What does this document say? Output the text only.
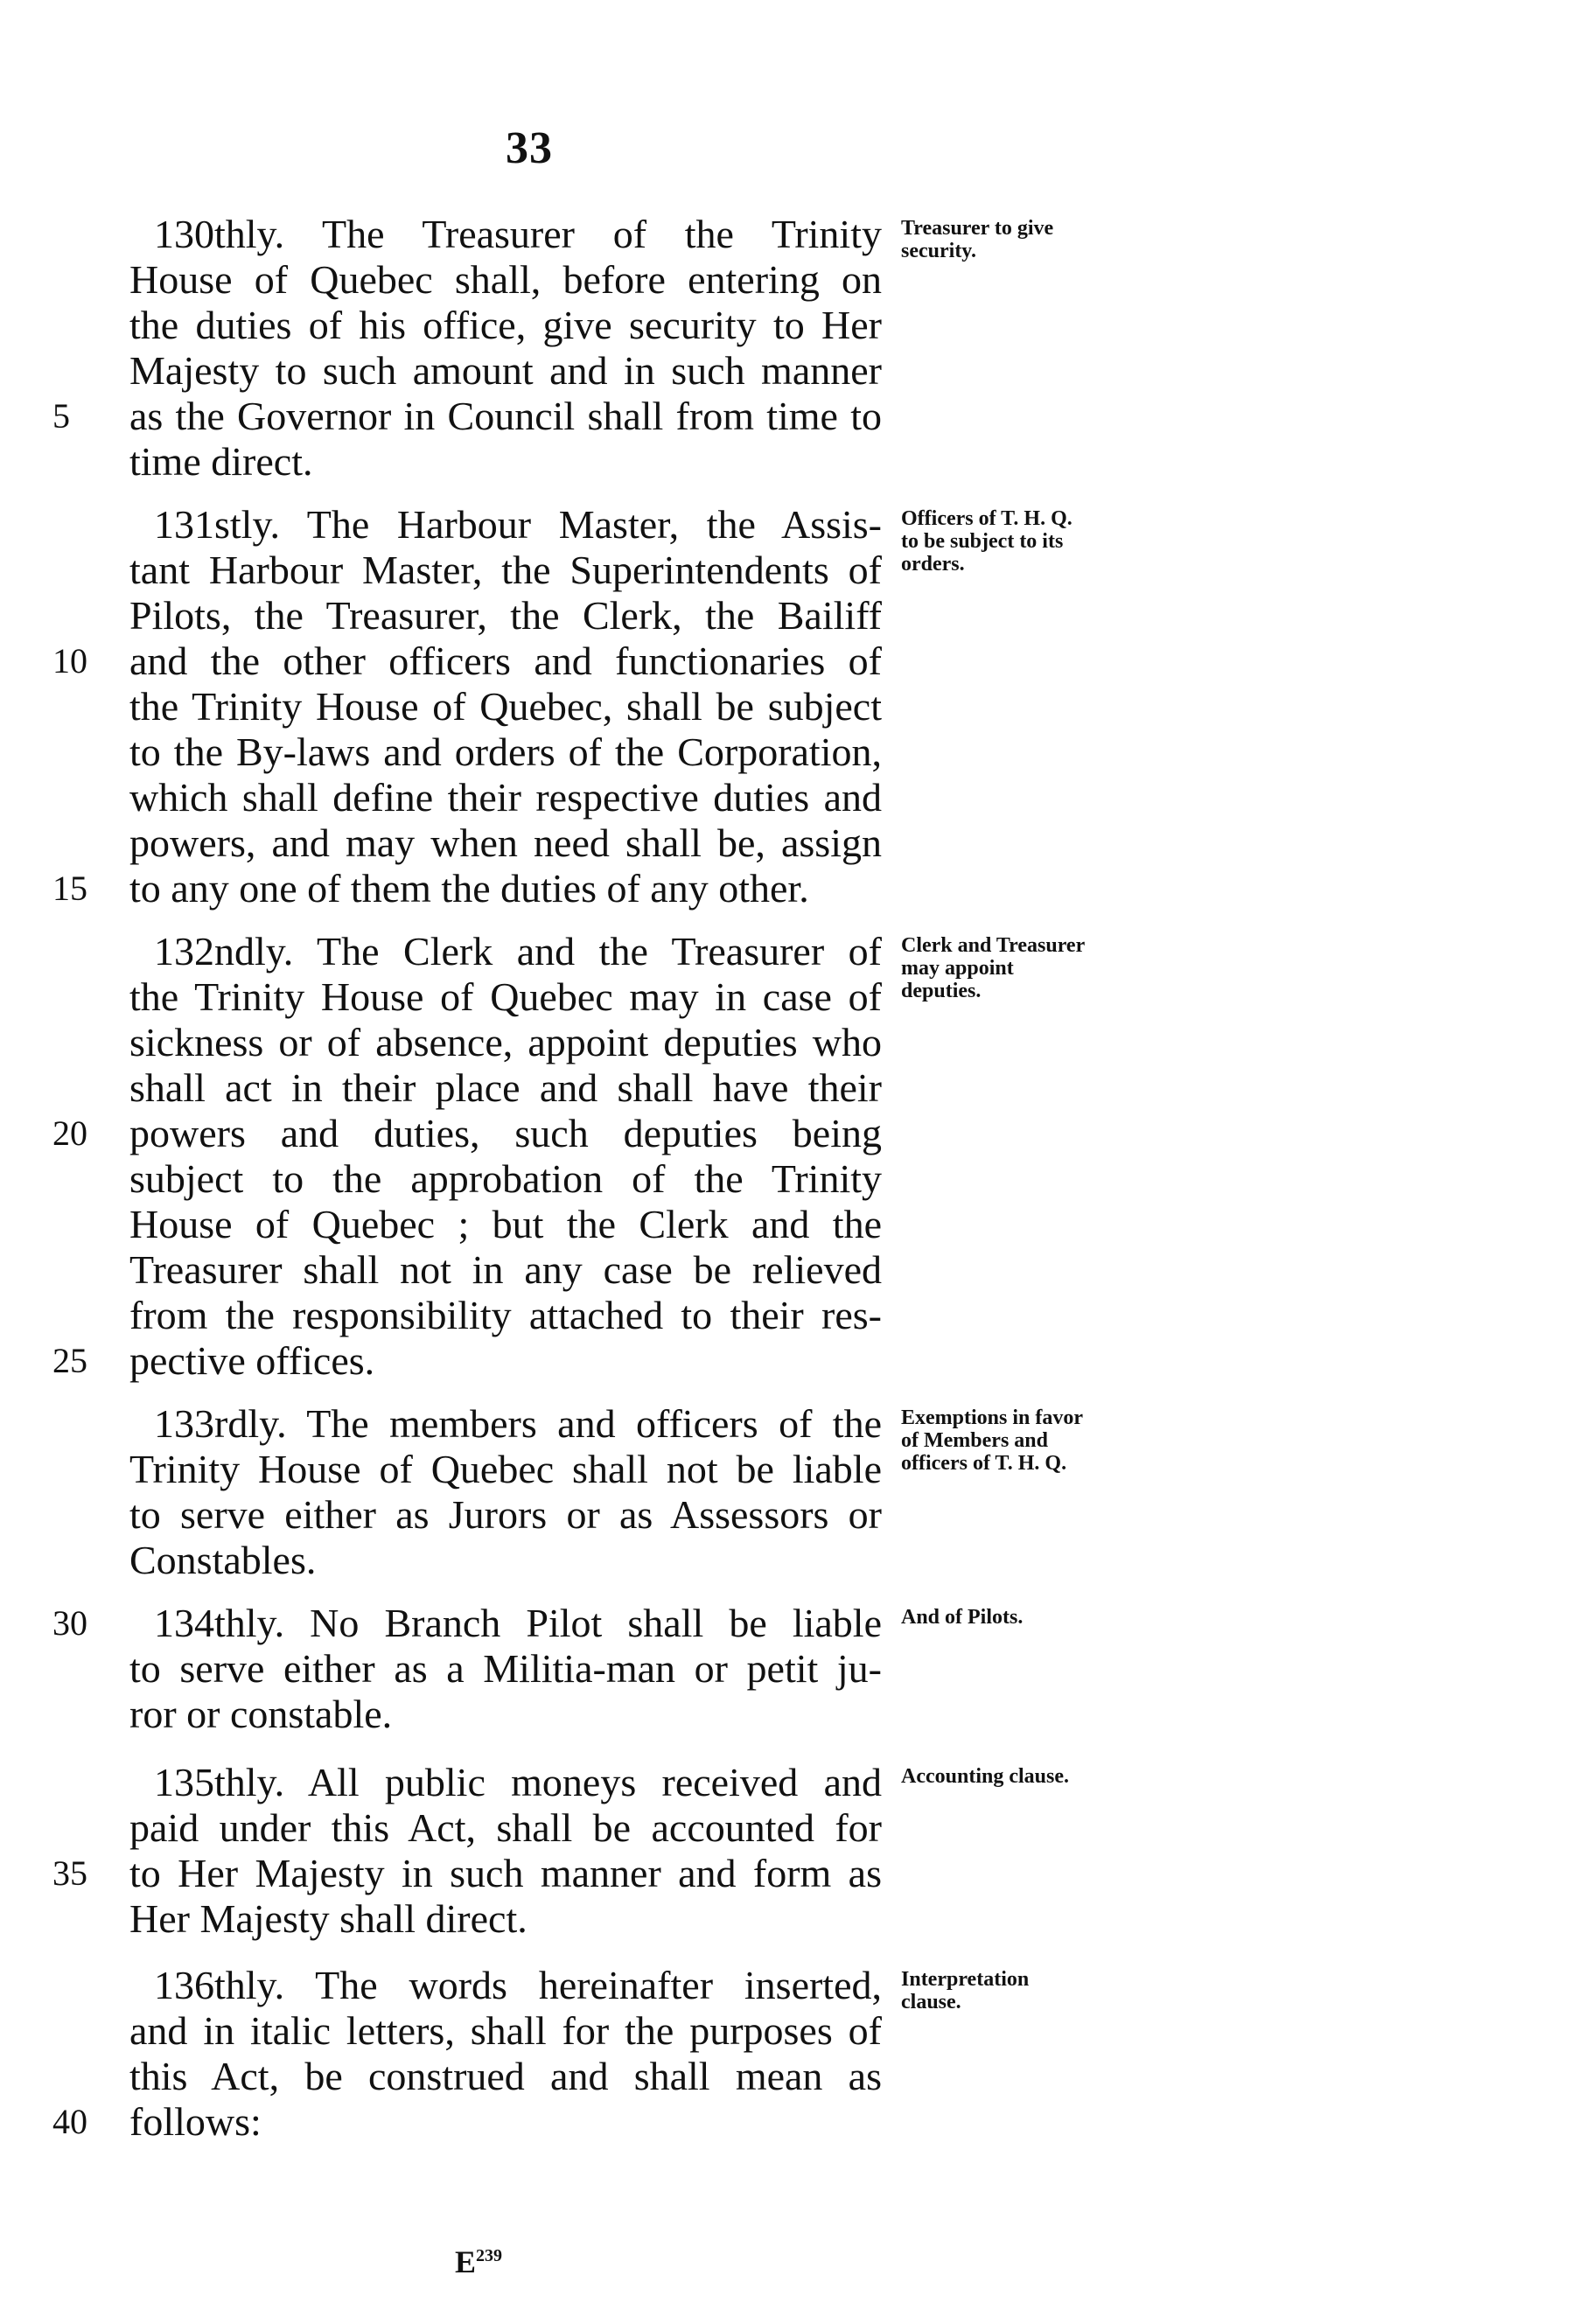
33
Treasurer to give security.
130thly. The Treasurer of the Trinity
House of Quebec shall, before entering on
the duties of his office, give security to Her
Majesty to such amount and in such manner
5	as the Governor in Council shall from time to
time direct.
Officers of T. H. Q. to be subject to its orders.
131stly. The Harbour Master, the Assis-
tant Harbour Master, the Superintendents of
Pilots, the Treasurer, the Clerk, the Bailiff
10	and the other officers and functionaries of
the Trinity House of Quebec, shall be subject
to the By-laws and orders of the Corporation,
which shall define their respective duties and
powers, and may when need shall be, assign
15	to any one of them the duties of any other.
Clerk and Treasurer may appoint deputies.
132ndly. The Clerk and the Treasurer of
the Trinity House of Quebec may in case of
sickness or of absence, appoint deputies who
shall act in their place and shall have their
20	powers and duties, such deputies being
subject to the approbation of the Trinity
House of Quebec ; but the Clerk and the
Treasurer shall not in any case be relieved
from the responsibility attached to their res-
25	pective offices.
Exemptions in favor of Members and officers of T. H. Q.
133rdly. The members and officers of the
Trinity House of Quebec shall not be liable
to serve either as Jurors or as Assessors or
Constables.
And of Pilots.
30	134thly. No Branch Pilot shall be liable
to serve either as a Militia-man or petit ju-
ror or constable.
Accounting clause.
135thly. All public moneys received and
paid under this Act, shall be accounted for
35	to Her Majesty in such manner and form as
Her Majesty shall direct.
Interpretation clause.
136thly. The words hereinafter inserted,
and in italic letters, shall for the purposes of
this Act, be construed and shall mean as
40	follows:
$E^{239}$
